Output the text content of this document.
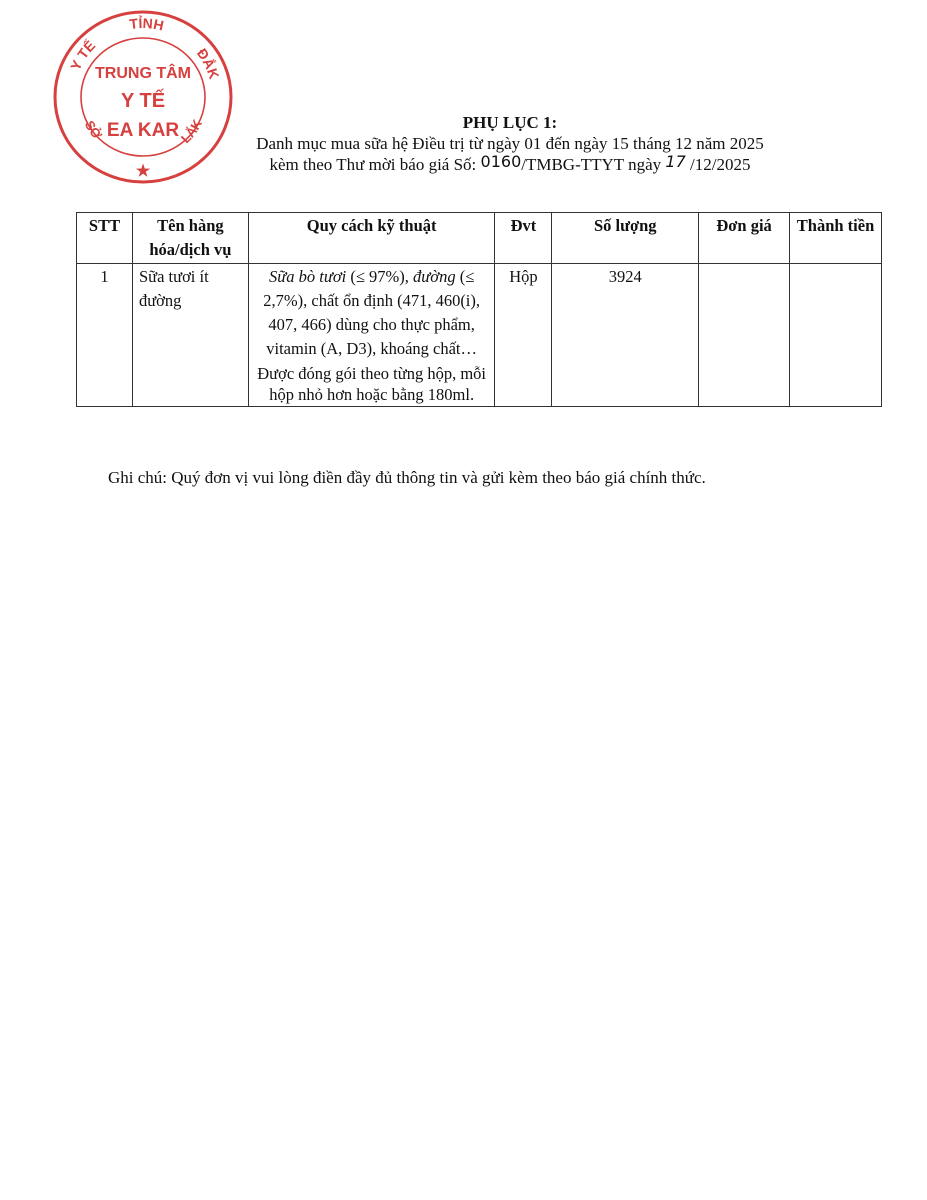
Y TẾ
TỈNH
ĐẮK
SỞ	LẮK
TRUNG TÂM
Y TẾ
EA KAR
★
PHỤ LỤC 1:
Danh mục mua sữa hệ Điều trị từ ngày 01 đến ngày 15 tháng 12 năm 2025
kèm theo Thư mời báo giá Số: 0160/TMBG-TTYT ngày 17 /12/2025
STT	Tên hàng hóa/dịch vụ	Quy cách kỹ thuật	Đvt	Số lượng	Đơn giá	Thành tiền
1	Sữa tươi ít đường	Sữa bò tươi (≤ 97%), đường (≤ 2,7%), chất ổn định (471, 460(i), 407, 466) dùng cho thực phẩm, vitamin (A, D3), khoáng chất…
Được đóng gói theo từng hộp, mỗi hộp nhỏ hơn hoặc bằng 180ml.	Hộp	3924		
Ghi chú: Quý đơn vị vui lòng điền đầy đủ thông tin và gửi kèm theo báo giá chính thức.
